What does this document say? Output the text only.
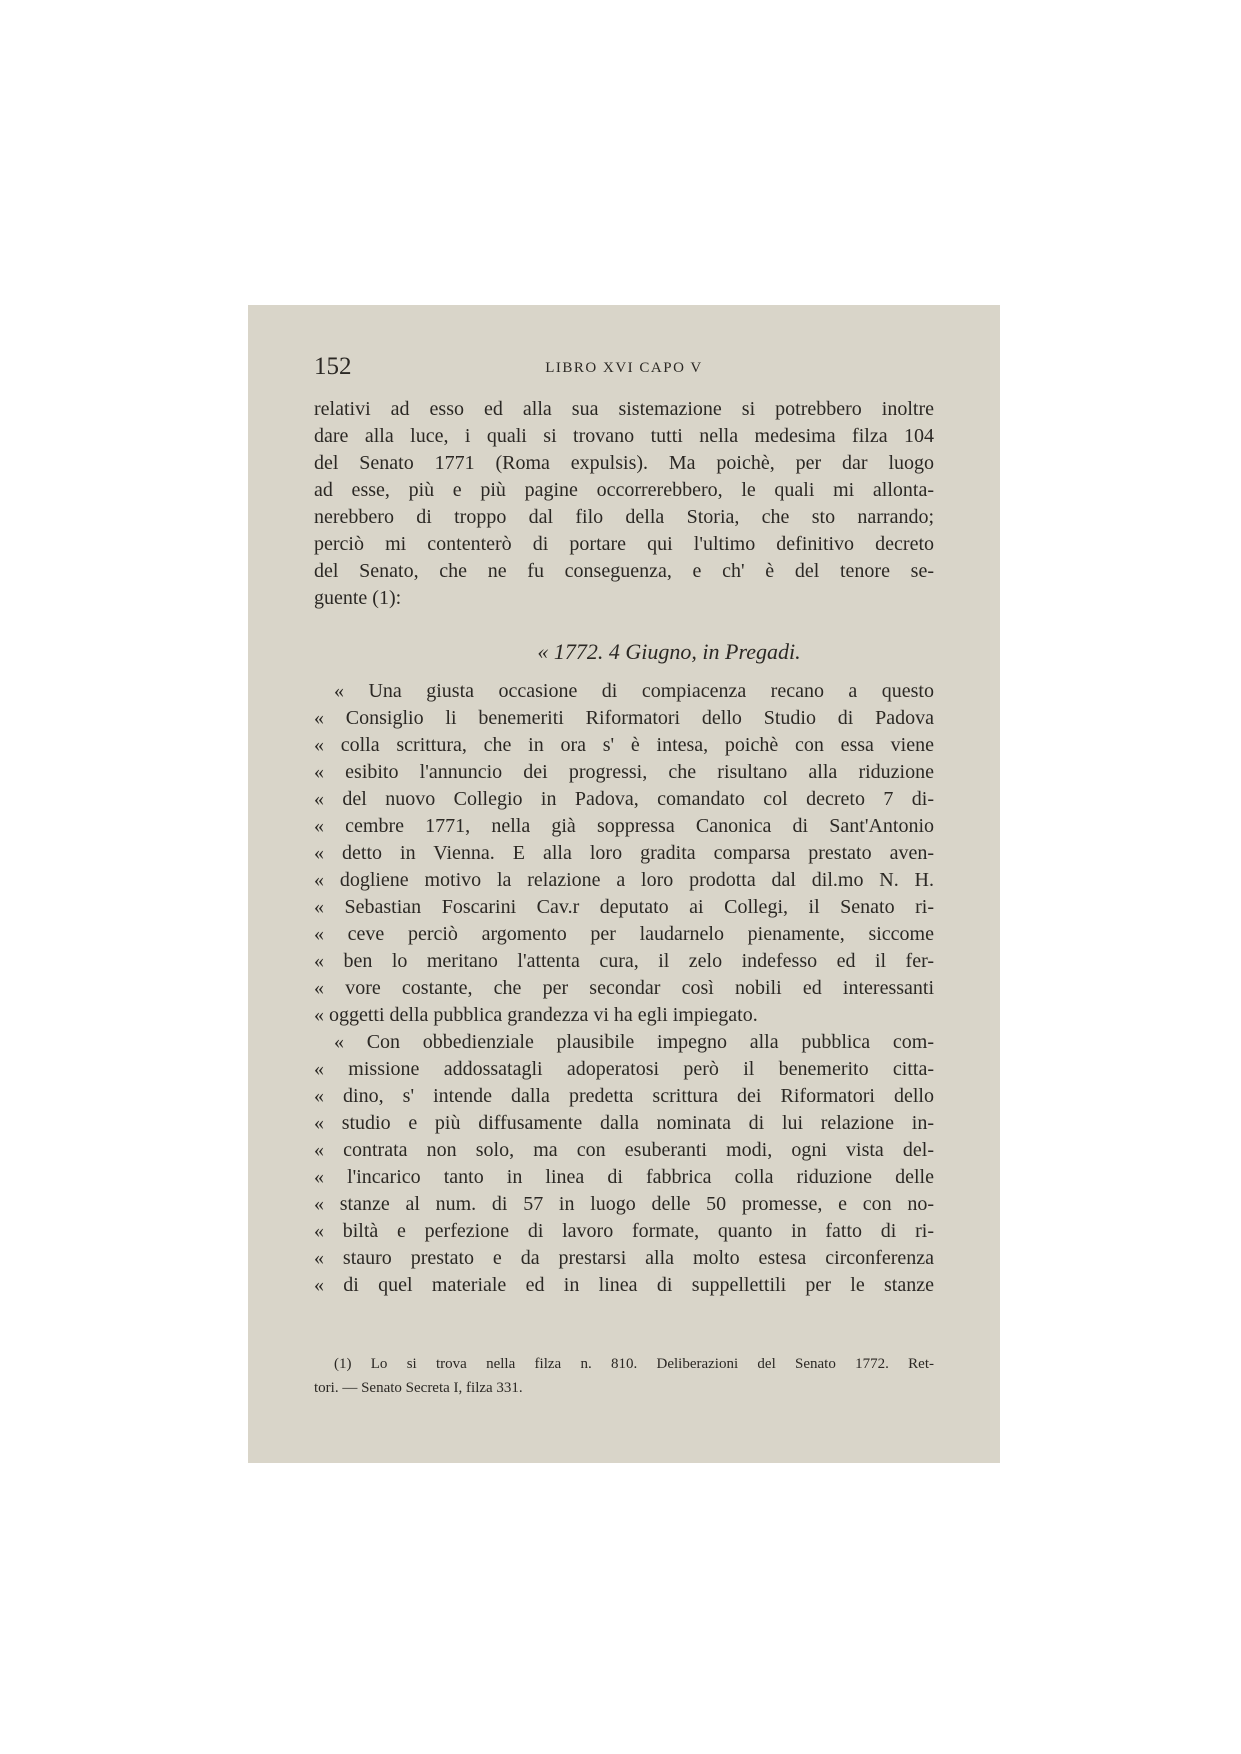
152	LIBRO XVI CAPO V
relativi ad esso ed alla sua sistemazione si potrebbero inoltre
dare alla luce, i quali si trovano tutti nella medesima filza 104
del Senato 1771 (Roma expulsis). Ma poichè, per dar luogo
ad esse, più e più pagine occorrerebbero, le quali mi allonta-
nerebbero di troppo dal filo della Storia, che sto narrando;
perciò mi contenterò di portare qui l'ultimo definitivo decreto
del Senato, che ne fu conseguenza, e ch' è del tenore se-
guente (1):
« 1772. 4 Giugno, in Pregadi.
« Una giusta occasione di compiacenza recano a questo
« Consiglio li benemeriti Riformatori dello Studio di Padova
« colla scrittura, che in ora s' è intesa, poichè con essa viene
« esibito l'annuncio dei progressi, che risultano alla riduzione
« del nuovo Collegio in Padova, comandato col decreto 7 di-
« cembre 1771, nella già soppressa Canonica di Sant'Antonio
« detto in Vienna. E alla loro gradita comparsa prestato aven-
« dogliene motivo la relazione a loro prodotta dal dil.mo N. H.
« Sebastian Foscarini Cav.r deputato ai Collegi, il Senato ri-
« ceve perciò argomento per laudarnelo pienamente, siccome
« ben lo meritano l'attenta cura, il zelo indefesso ed il fer-
« vore costante, che per secondar così nobili ed interessanti
« oggetti della pubblica grandezza vi ha egli impiegato.
« Con obbedienziale plausibile impegno alla pubblica com-
« missione addossatagli adoperatosi però il benemerito citta-
« dino, s' intende dalla predetta scrittura dei Riformatori dello
« studio e più diffusamente dalla nominata di lui relazione in-
« contrata non solo, ma con esuberanti modi, ogni vista del-
« l'incarico tanto in linea di fabbrica colla riduzione delle
« stanze al num. di 57 in luogo delle 50 promesse, e con no-
« biltà e perfezione di lavoro formate, quanto in fatto di ri-
« stauro prestato e da prestarsi alla molto estesa circonferenza
« di quel materiale ed in linea di suppellettili per le stanze
(1) Lo si trova nella filza n. 810. Deliberazioni del Senato 1772. Ret-
tori. — Senato Secreta I, filza 331.
